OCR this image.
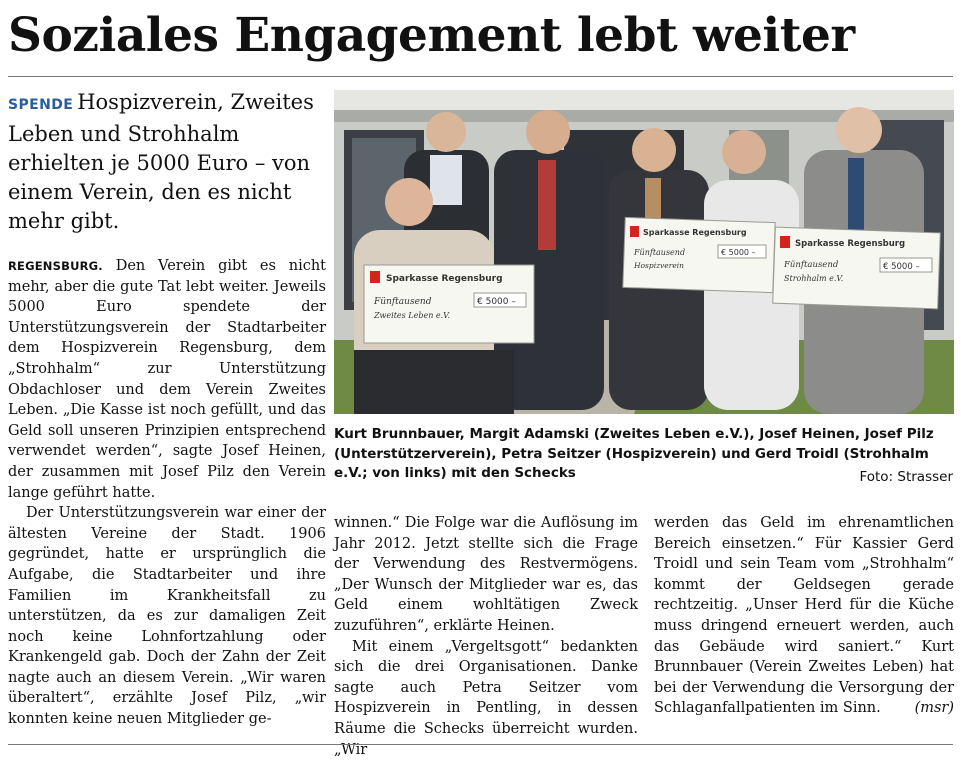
Soziales Engagement lebt weiter
SPENDE Hospizverein, Zweites Leben und Strohhalm erhielten je 5000 Euro – von einem Verein, den es nicht mehr gibt.

REGENSBURG. Den Verein gibt es nicht mehr, aber die gute Tat lebt weiter. Jeweils 5000 Euro spendete der Unterstützungsverein der Stadtarbeiter dem Hospizverein Regensburg, dem „Strohhalm“ zur Unterstützung Obdachloser und dem Verein Zweites Leben. „Die Kasse ist noch gefüllt, und das Geld soll unseren Prinzipien entsprechend verwendet werden“, sagte Josef Heinen, der zusammen mit Josef Pilz den Verein lange geführt hatte.

Der Unterstützungsverein war einer der ältesten Vereine der Stadt. 1906 gegründet, hatte er ursprünglich die Aufgabe, die Stadtarbeiter und ihre Familien im Krankheitsfall zu unterstützen, da es zur damaligen Zeit noch keine Lohnfortzahlung oder Krankengeld gab. Doch der Zahn der Zeit nagte auch an diesem Verein. „Wir waren überaltert“, erzählte Josef Pilz, „wir konnten keine neuen Mitglieder ge-

Sparkasse Regensburg
Fünftausend
Zweites Leben e.V.
€ 5000 –
Sparkasse Regensburg
Fünftausend
Hospizverein
€ 5000 –
Sparkasse Regensburg
Fünftausend
Strohhalm e.V.
€ 5000 –
Kurt Brunnbauer, Margit Adamski (Zweites Leben e.V.), Josef Heinen, Josef Pilz (Unterstützerverein), Petra Seitzer (Hospizverein) und Gerd Troidl (Strohhalm e.V.; von links) mit den Schecks	Foto: Strasser

winnen.“ Die Folge war die Auflösung im Jahr 2012. Jetzt stellte sich die Frage der Verwendung des Restvermögens. „Der Wunsch der Mitglieder war es, das Geld einem wohltätigen Zweck zuzuführen“, erklärte Heinen.

Mit einem „Vergeltsgott“ bedankten sich die drei Organisationen. Danke sagte auch Petra Seitzer vom Hospizverein in Pentling, in dessen Räume die Schecks überreicht wurden. „Wir

werden das Geld im ehrenamtlichen Bereich einsetzen.“ Für Kassier Gerd Troidl und sein Team vom „Strohhalm“ kommt der Geldsegen gerade rechtzeitig. „Unser Herd für die Küche muss dringend erneuert werden, auch das Gebäude wird saniert.“ Kurt Brunnbauer (Verein Zweites Leben) hat bei der Verwendung die Versorgung der Schlaganfallpatienten im Sinn. (msr)
